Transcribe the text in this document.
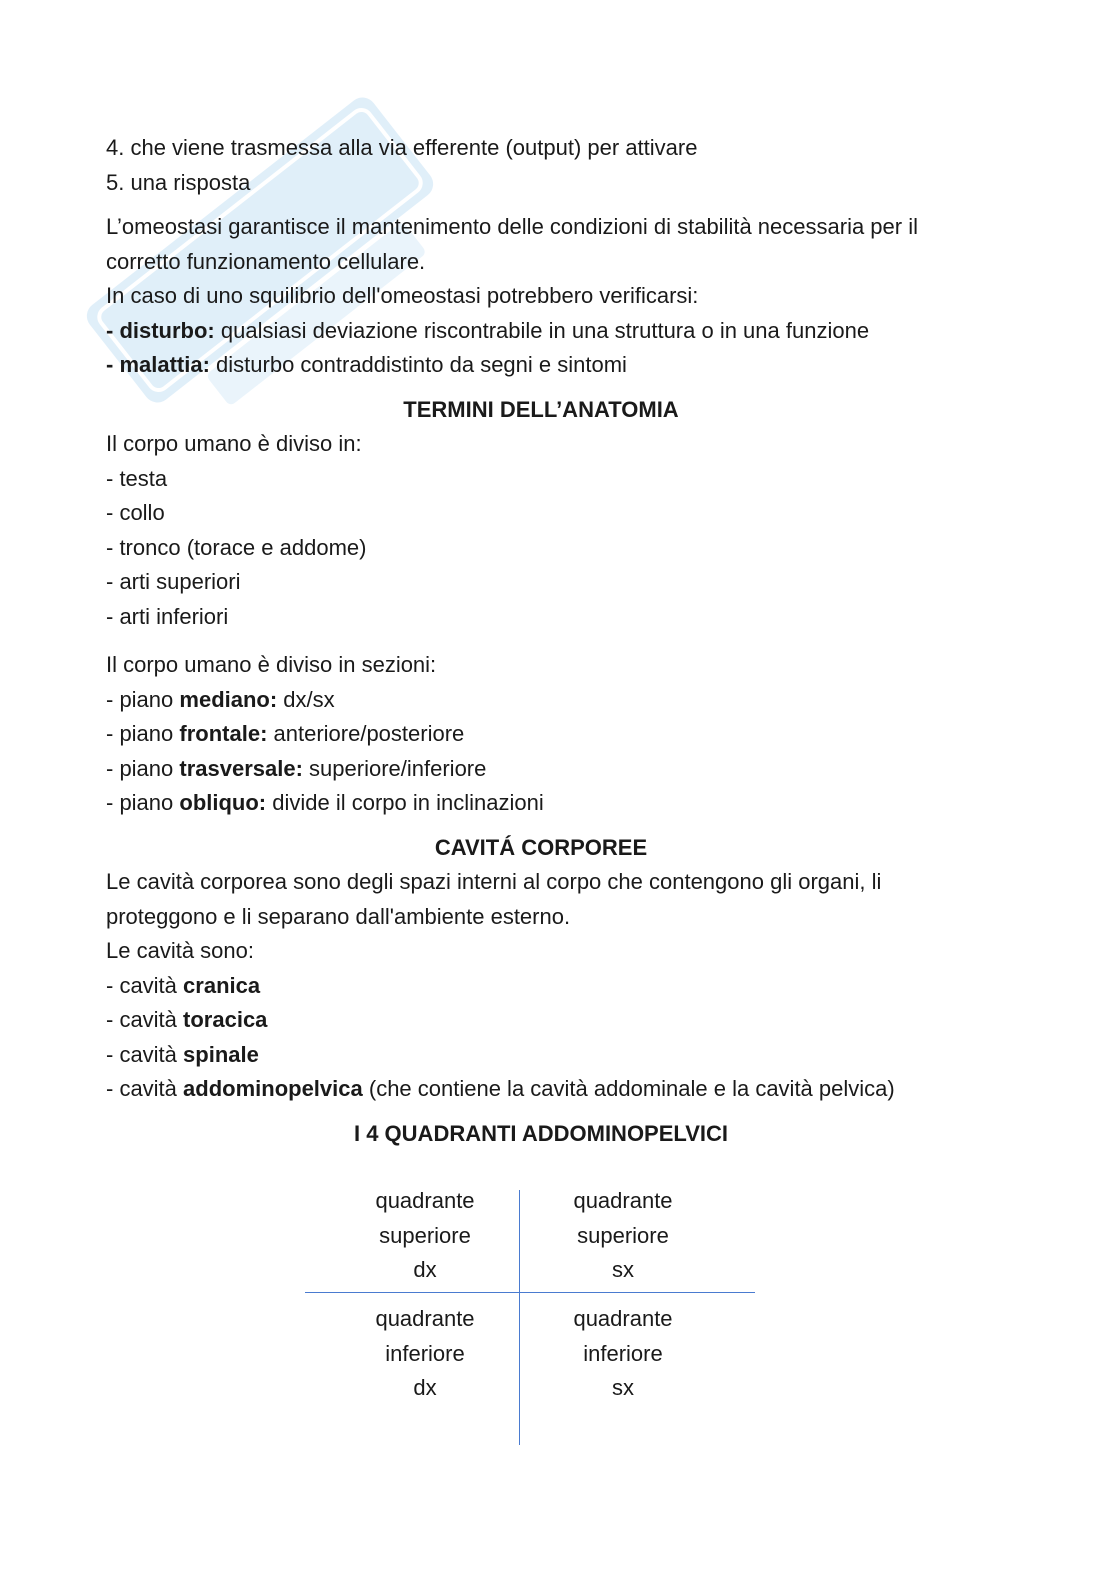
4. che viene trasmessa alla via efferente (output) per attivare
5. una risposta
L’omeostasi garantisce il mantenimento delle condizioni di stabilità necessaria per il
corretto funzionamento cellulare.
In caso di uno squilibrio dell'omeostasi potrebbero verificarsi:
- disturbo: qualsiasi deviazione riscontrabile in una struttura o in una funzione
- malattia: disturbo contraddistinto da segni e sintomi
TERMINI DELL’ANATOMIA
Il corpo umano è diviso in:
- testa
- collo
- tronco (torace e addome)
- arti superiori
- arti inferiori
Il corpo umano è diviso in sezioni:
- piano mediano: dx/sx
- piano frontale: anteriore/posteriore
- piano trasversale: superiore/inferiore
- piano obliquo: divide il corpo in inclinazioni
CAVITÁ CORPOREE
Le cavità corporea sono degli spazi interni al corpo che contengono gli organi, li
proteggono e li separano dall'ambiente esterno.
Le cavità sono:
- cavità cranica
- cavità toracica
- cavità spinale
- cavità addominopelvica (che contiene la cavità addominale e la cavità pelvica)
I 4 QUADRANTI ADDOMINOPELVICI
quadrante
superiore
dx
quadrante
superiore
sx
quadrante
inferiore
dx
quadrante
inferiore
sx
